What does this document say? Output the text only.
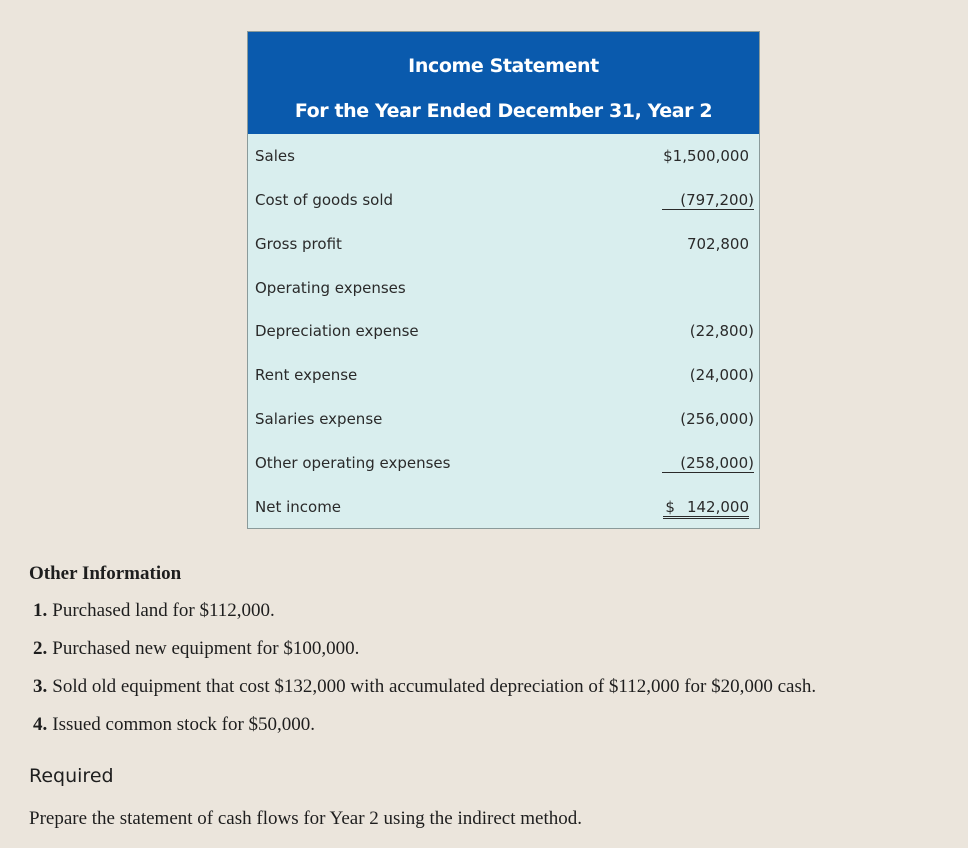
Income Statement
For the Year Ended December 31, Year 2
Sales	$1,500,000
Cost of goods sold	(797,200)
Gross profit	702,800
Operating expenses
Depreciation expense	(22,800)
Rent expense	(24,000)
Salaries expense	(256,000)
Other operating expenses	(258,000)
Net income	$ 142,000
Other Information
1. Purchased land for $112,000.
2. Purchased new equipment for $100,000.
3. Sold old equipment that cost $132,000 with accumulated depreciation of $112,000 for $20,000 cash.
4. Issued common stock for $50,000.
Required
Prepare the statement of cash flows for Year 2 using the indirect method.
